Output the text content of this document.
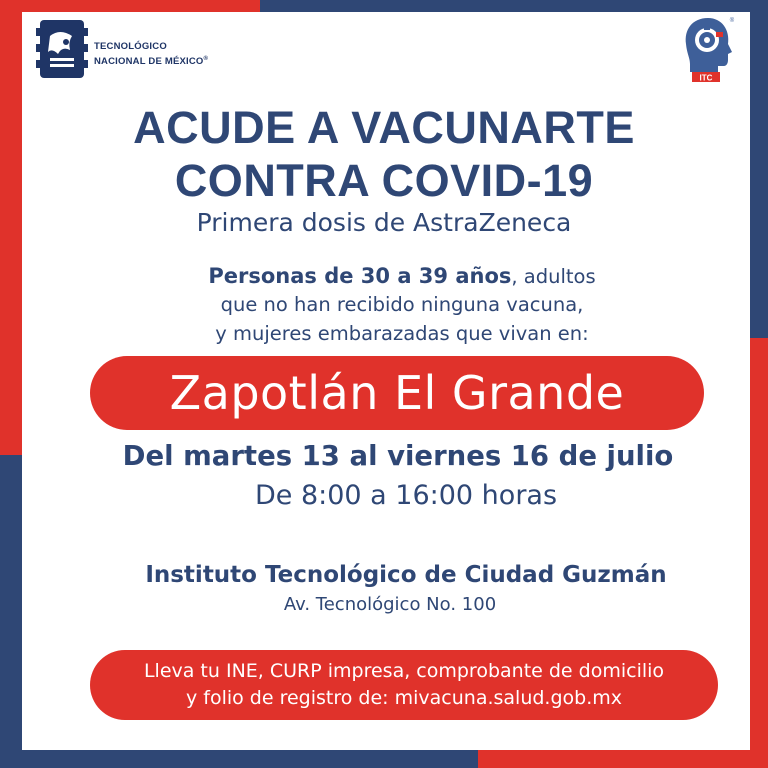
TECNOLÓGICO
NACIONAL DE MÉXICO®
ITC
®
ACUDE A VACUNARTE
CONTRA COVID-19
Primera dosis de AstraZeneca
Personas de 30 a 39 años, adultos
que no han recibido ninguna vacuna,
y mujeres embarazadas que vivan en:
Zapotlán El Grande
Del martes 13 al viernes 16 de julio
De 8:00 a 16:00 horas
Instituto Tecnológico de Ciudad Guzmán
Av. Tecnológico No. 100
Lleva tu INE, CURP impresa, comprobante de domicilio
y folio de registro de: mivacuna.salud.gob.mx
